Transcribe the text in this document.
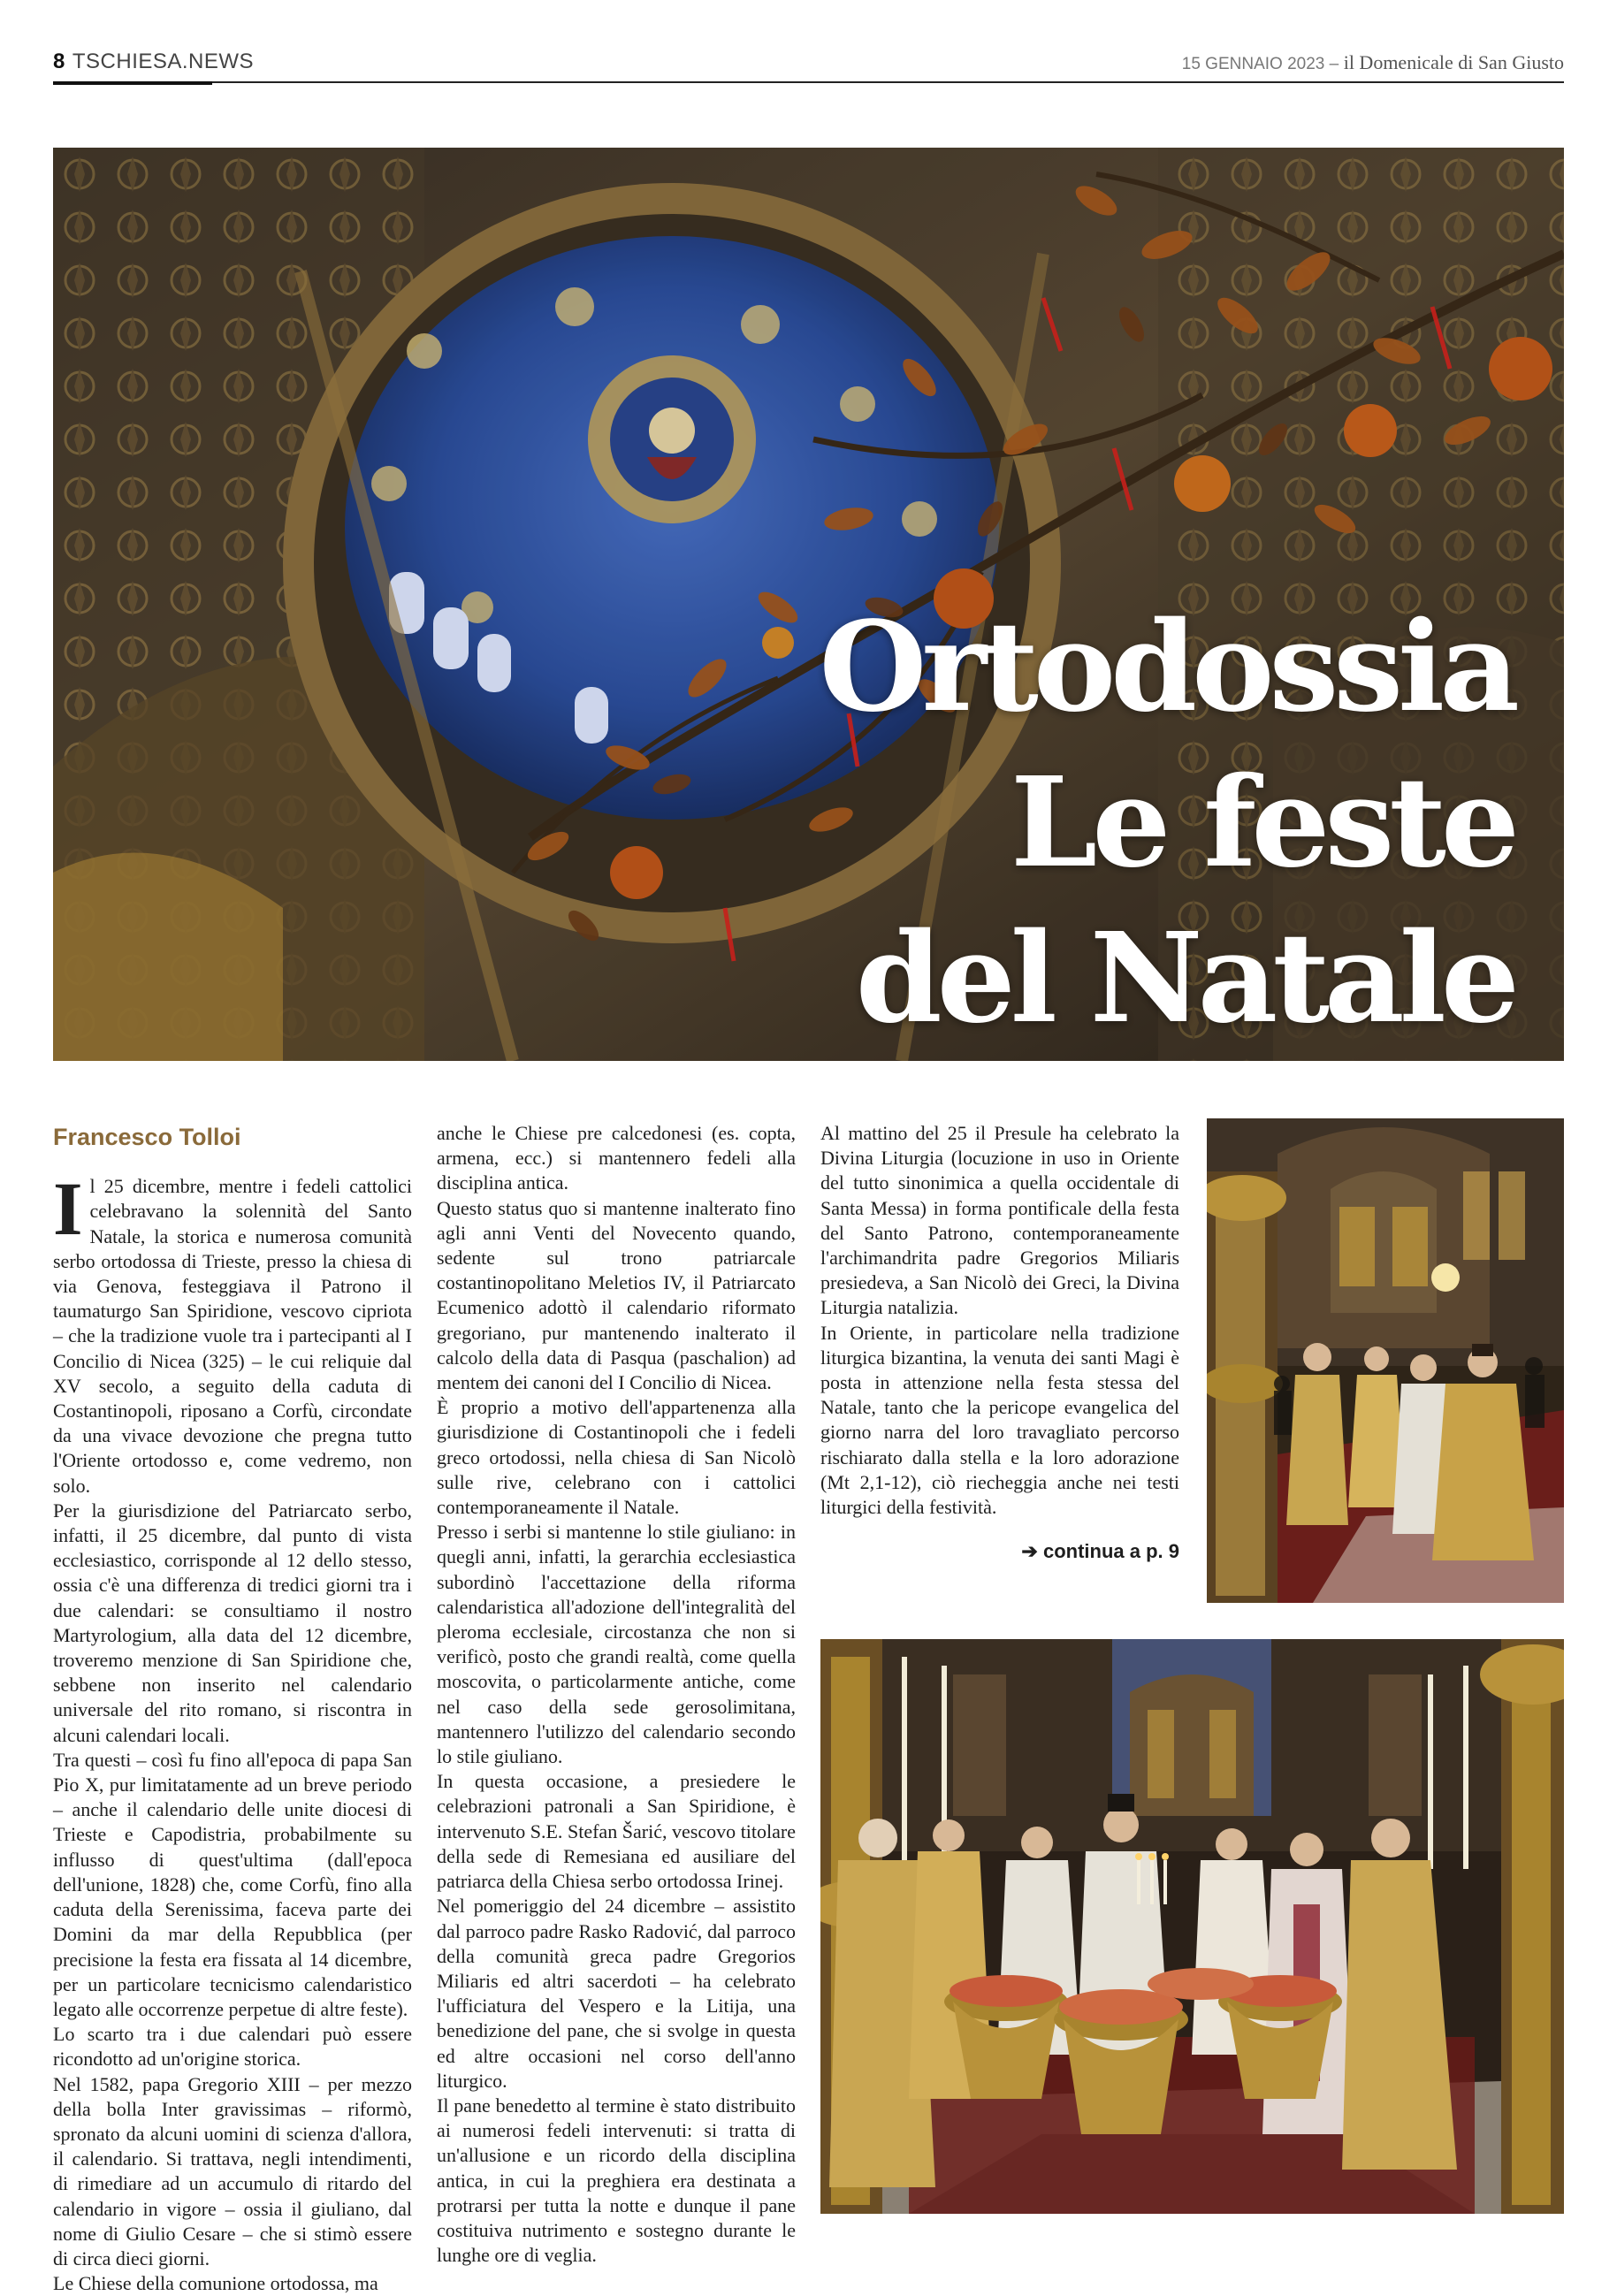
8 TSCHIESA.NEWS	15 GENNAIO 2023 – il Domenicale di San Giusto
Ortodossia
Le feste
del Natale

Francesco Tolloi

Il 25 dicembre, mentre i fedeli cattolici celebravano la solennità del Santo Natale, la storica e numerosa comunità serbo ortodossa di Trieste, presso la chiesa di via Genova, festeggiava il Patrono il taumaturgo San Spiridione, vescovo cipriota – che la tradizione vuole tra i partecipanti al I Concilio di Nicea (325) – le cui reliquie dal XV secolo, a seguito della caduta di Costantinopoli, riposano a Corfù, circondate da una vivace devozione che pregna tutto l'Oriente ortodosso e, come vedremo, non solo.

Per la giurisdizione del Patriarcato serbo, infatti, il 25 dicembre, dal punto di vista ecclesiastico, corrisponde al 12 dello stesso, ossia c'è una differenza di tredici giorni tra i due calendari: se consultiamo il nostro Martyrologium, alla data del 12 dicembre, troveremo menzione di San Spiridione che, sebbene non inserito nel calendario universale del rito romano, si riscontra in alcuni calendari locali.

Tra questi – così fu fino all'epoca di papa San Pio X, pur limitatamente ad un breve periodo – anche il calendario delle unite diocesi di Trieste e Capodistria, probabilmente su influsso di quest'ultima (dall'epoca dell'unione, 1828) che, come Corfù, fino alla caduta della Serenissima, faceva parte dei Domini da mar della Repubblica (per precisione la festa era fissata al 14 dicembre, per un particolare tecnicismo calendaristico legato alle occorrenze perpetue di altre feste).

Lo scarto tra i due calendari può essere ricondotto ad un'origine storica.

Nel 1582, papa Gregorio XIII – per mezzo della bolla Inter gravissimas – riformò, spronato da alcuni uomini di scienza d'allora, il calendario. Si trattava, negli intendimenti, di rimediare ad un accumulo di ritardo del calendario in vigore – ossia il giuliano, dal nome di Giulio Cesare – che si stimò essere di circa dieci giorni.

Le Chiese della comunione ortodossa, ma

anche le Chiese pre calcedonesi (es. copta, armena, ecc.) si mantennero fedeli alla disciplina antica.

Questo status quo si mantenne inalterato fino agli anni Venti del Novecento quando, sedente sul trono patriarcale costantinopolitano Meletios IV, il Patriarcato Ecumenico adottò il calendario riformato gregoriano, pur mantenendo inalterato il calcolo della data di Pasqua (paschalion) ad mentem dei canoni del I Concilio di Nicea.

È proprio a motivo dell'appartenenza alla giurisdizione di Costantinopoli che i fedeli greco ortodossi, nella chiesa di San Nicolò sulle rive, celebrano con i cattolici contemporaneamente il Natale.

Presso i serbi si mantenne lo stile giuliano: in quegli anni, infatti, la gerarchia ecclesiastica subordinò l'accettazione della riforma calendaristica all'adozione dell'integralità del pleroma ecclesiale, circostanza che non si verificò, posto che grandi realtà, come quella moscovita, o particolarmente antiche, come nel caso della sede gerosolimitana, mantennero l'utilizzo del calendario secondo lo stile giuliano.

In questa occasione, a presiedere le celebrazioni patronali a San Spiridione, è intervenuto S.E. Stefan Šarić, vescovo titolare della sede di Remesiana ed ausiliare del patriarca della Chiesa serbo ortodossa Irinej.

Nel pomeriggio del 24 dicembre – assistito dal parroco padre Rasko Radović, dal parroco della comunità greca padre Gregorios Miliaris ed altri sacerdoti – ha celebrato l'ufficiatura del Vespero e la Litija, una benedizione del pane, che si svolge in questa ed altre occasioni nel corso dell'anno liturgico.

Il pane benedetto al termine è stato distribuito ai numerosi fedeli intervenuti: si tratta di un'allusione e un ricordo della disciplina antica, in cui la preghiera era destinata a protrarsi per tutta la notte e dunque il pane costituiva nutrimento e sostegno durante le lunghe ore di veglia.

Al mattino del 25 il Presule ha celebrato la Divina Liturgia (locuzione in uso in Oriente del tutto sinonimica a quella occidentale di Santa Messa) in forma pontificale della festa del Santo Patrono, contemporaneamente l'archimandrita padre Gregorios Miliaris presiedeva, a San Nicolò dei Greci, la Divina Liturgia natalizia.

In Oriente, in particolare nella tradizione liturgica bizantina, la venuta dei santi Magi è posta in attenzione nella festa stessa del Natale, tanto che la pericope evangelica del giorno narra del loro travagliato percorso rischiarato dalla stella e la loro adorazione (Mt 2,1-12), ciò riecheggia anche nei testi liturgici della festività.

➔ continua a p. 9
